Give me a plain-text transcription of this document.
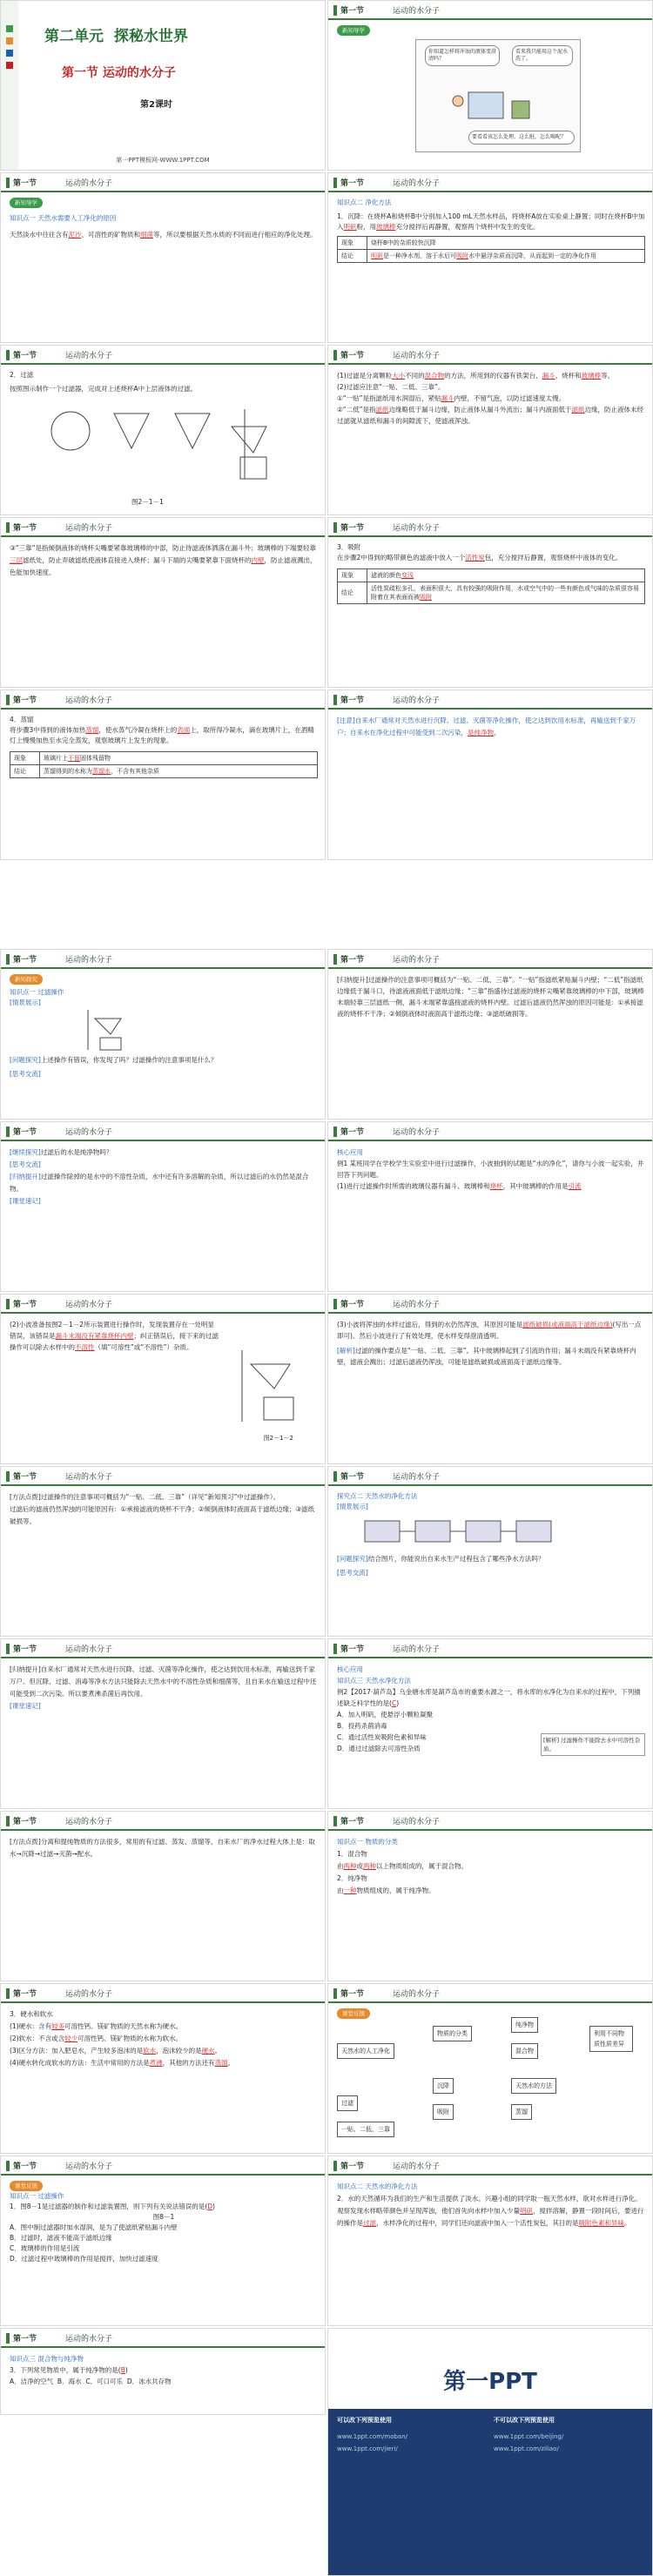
第二单元 探秘水世界
第一节 运动的水分子
第2课时
第一PPT模板网-WWW.1PPT.COM
第一节	运动的水分子
新知导学
你知道怎样将浑浊的液体变澄清吗？
看来我只能用这个泥水洗了。
要看看该怎么处理。这么脏，怎么喝呢？
第一节	运动的水分子
新知导学
知识点一 天然水需要人工净化的原因
天然淡水中往往含有泥沙、可溶性的矿物质和细菌等，所以要根据天然水质的不同而进行相应的净化处理。
第一节	运动的水分子
知识点二 净化方法
1．沉降：在烧杯A和烧杯B中分别加入100 mL天然水样品，将烧杯A放在实验桌上静置；同时在烧杯B中加入明矾粉，用玻璃棒充分搅拌后再静置，观察两个烧杯中发生的变化。
现象	烧杯B中的杂质较快沉降
结论	明矾是一种净水剂，溶于水后可吸附水中悬浮杂质而沉降，从而起到一定的净化作用
第一节	运动的水分子
2．过滤
按照图示制作一个过滤器，完成对上述烧杯A中上层液体的过滤。
图2－1－1
第一节	运动的水分子
(1)过滤是分离颗粒大小不同的混合物的方法，所用到的仪器有铁架台、漏斗、烧杯和玻璃棒等。
(2)过滤应注意“一贴、二低、三靠”。
①“一贴”是指滤纸用水润湿后，紧贴漏斗内壁，不留气泡，以防过滤速度太慢。
②“二低”是指滤纸边缘略低于漏斗边缘，防止液体从漏斗外流出；漏斗内液面低于滤纸边缘，防止液体未经过滤就从滤纸和漏斗的间隙流下，使滤液浑浊。
第一节	运动的水分子
③“三靠”是指倾倒液体的烧杯尖嘴要紧靠玻璃棒的中部，防止待滤液体洒落在漏斗外；玻璃棒的下端要轻靠三层滤纸处，防止弄破滤纸使液体直接进入烧杯；漏斗下端的尖嘴要紧靠下面烧杯的内壁，防止滤液溅出，色能加快速度。
第一节	运动的水分子
3．吸附
在步骤2中得到的略带颜色的滤液中放入一个活性炭包，充分搅拌后静置，观察烧杯中液体的变化。
现象	滤液的颜色变浅
结论	活性炭疏松多孔，表面积很大，具有较强的吸附作用，水或空气中的一些有颜色或气味的杂质很容易附着在其表面而被吸附
第一节	运动的水分子
4．蒸馏
将步骤3中得到的液体加热蒸馏，使水蒸气冷凝在烧杯上的表面上，取所得冷凝水，滴在玻璃片上，在酒精灯上慢慢加热至水完全蒸发，观察玻璃片上发生的现象。
现象	玻璃片上不留固体残留物
结论	蒸馏得到的水称为蒸馏水，不含有其他杂质
第一节	运动的水分子
[注意]自来水厂通常对天然水进行沉降、过滤、灭菌等净化操作，使之达到饮用水标准，再输送到千家万户；自来水在净化过程中可能受到二次污染，是纯净物。
第一节	运动的水分子
新知探究
知识点一 过滤操作
[情景展示]
[问题探究]上述操作有错误，你发现了吗？过滤操作的注意事项是什么？
[思考交流]
第一节	运动的水分子
[归纳提升]过滤操作的注意事项可概括为“一贴、二低、三靠”。“一贴”指滤纸紧贴漏斗内壁；“二低”指滤纸边缘低于漏斗口，待滤液液面低于滤纸边缘；“三靠”指盛待过滤液的烧杯尖嘴紧靠玻璃棒的中下部，玻璃棒末端轻靠三层滤纸一侧，漏斗末端紧靠盛接滤液的烧杯内壁。过滤后滤液仍然浑浊的原因可能是：①承接滤液的烧杯不干净；②倾倒液体时液面高于滤纸边缘；③滤纸破损等。
第一节	运动的水分子
[继续探究]过滤后的水是纯净物吗？
[思考交流]
[归纳提升]过滤操作除掉的是水中的不溶性杂质，水中还有许多溶解的杂质，所以过滤后的水仍然是混合物。
[课堂速记]
第一节	运动的水分子
核心应用
例1 某班同学在学校学生实验室中进行过滤操作，小波抽到的试题是“水的净化”，请你与小波一起实验，并回答下列问题。
(1)进行过滤操作时所需的玻璃仪器有漏斗、玻璃棒和烧杯，其中玻璃棒的作用是引流
第一节	运动的水分子
(2)小波准备按图2－1－2所示装置进行操作时，发现装置存在一处明显错误，该错误是漏斗末端没有紧靠烧杯内壁；纠正错误后，接下来的过滤操作可以除去水样中的不溶性（填“可溶性”或“不溶性”）杂质。
图2－1－2
第一节	运动的水分子
(3)小波将浑浊的水样过滤后，得到的水仍然浑浊，其原因可能是滤纸破损(或液面高于滤纸边缘)(写出一点即可)。然后小波进行了有效处理，使水样变得澄清透明。
[解析]过滤的操作要点是“一贴、二低、三靠”。其中玻璃棒起到了引流的作用；漏斗末端没有紧靠烧杯内壁，滤液会溅出；过滤后滤液仍浑浊，可能是滤纸破损或液面高于滤纸边缘等。
第一节	运动的水分子
[方法点拨]过滤操作的注意事项可概括为“一贴、二低、三靠”（详见“新知预习”中过滤操作）。
过滤后的滤液仍然浑浊的可能原因有：①承接滤液的烧杯不干净；②倾倒液体时液面高于滤纸边缘；③滤纸破损等。
第一节	运动的水分子
探究点二 天然水的净化方法
[情景展示]
[问题探究]结合图片，你能说出自来水生产过程包含了哪些净水方法吗？
[思考交流]
第一节	运动的水分子
[归纳提升]自来水厂通常对天然水进行沉降、过滤、灭菌等净化操作，使之达到饮用水标准，再输送到千家万户。但沉降、过滤、消毒等净水方法只能除去天然水中的不溶性杂质和细菌等，且自来水在输送过程中还可能受到二次污染。所以要煮沸杀菌后再饮用。
[课堂速记]
第一节	运动的水分子
核心应用
知识点三 天然水净化方法
例2【2017·葫芦岛】乌金塘水库是葫芦岛市的重要水源之一，将水库的水净化为自来水的过程中，下列描述缺乏科学性的是(C)
A．加入明矾，使悬浮小颗粒凝聚
B．投药杀菌消毒
C．通过活性炭吸附色素和异味
D．通过过滤除去可溶性杂质
[解析] 过滤操作不能除去水中可溶性杂质。
第一节	运动的水分子
[方法点拨]分离和提纯物质的方法很多，常用的有过滤、蒸发、蒸馏等，自来水厂的净水过程大体上是：取水→沉降→过滤→灭菌→配水。
第一节	运动的水分子
知识点一 物质的分类
1．混合物
由两种或两种以上物质组成的，属于混合物。
2．纯净物
由一种物质组成的，属于纯净物。
第一节	运动的水分子
3．硬水和软水
(1)硬水：含有较多可溶性钙、镁矿物质的天然水称为硬水。
(2)软水：不含或含较少可溶性钙、镁矿物质的水称为软水。
(3)区分方法：加入肥皂水，产生较多泡沫的是软水，泡沫较少的是硬水。
(4)硬水转化成软水的方法：生活中常用的方法是煮沸，其他的方法还有蒸馏。
第一节	运动的水分子
课堂反馈
天然水的人工净化
物质的分类
纯净物
混合物
利用不同物质性质差异
过滤
一贴、二低、三靠
沉降
吸附	蒸馏
天然水的方法
第一节	运动的水分子
课堂反馈
知识点一 过滤操作
1．图8－1是过滤器的制作和过滤装置图，则下列有关说法错误的是(D)
图8－1
A．图中制过滤器时加水湿润，是为了使滤纸紧贴漏斗内壁
B．过滤时，滤液不能高于滤纸边缘
C．玻璃棒的作用是引流
D．过滤过程中玻璃棒的作用是搅拌，加快过滤速度
第一节	运动的水分子
知识点二 天然水的净化方法
2．水的天然循环为我们的生产和生活提供了淡水。兴趣小组的同学取一瓶天然水样，欲对水样进行净化。观察发现水样略带颜色并呈现浑浊，他们首先向水样中加入少量明矾，搅拌溶解，静置一段时间后，要进行的操作是过滤，水样净化的过程中，同学们还向滤液中加入一个活性炭包，其目的是吸附色素和异味。
第一节	运动的水分子
知识点三 混合物与纯净物
3．下列常见物质中，属于纯净物的是(B)
A．洁净的空气 B．海水 C．可口可乐 D．冰水共存物	第一PPT
可以改下列预览使用	不可以改下列预览使用
www.1ppt.com/moban/
www.1ppt.com/jieri/
www.1ppt.com/beijing/
www.1ppt.com/ziliao/
